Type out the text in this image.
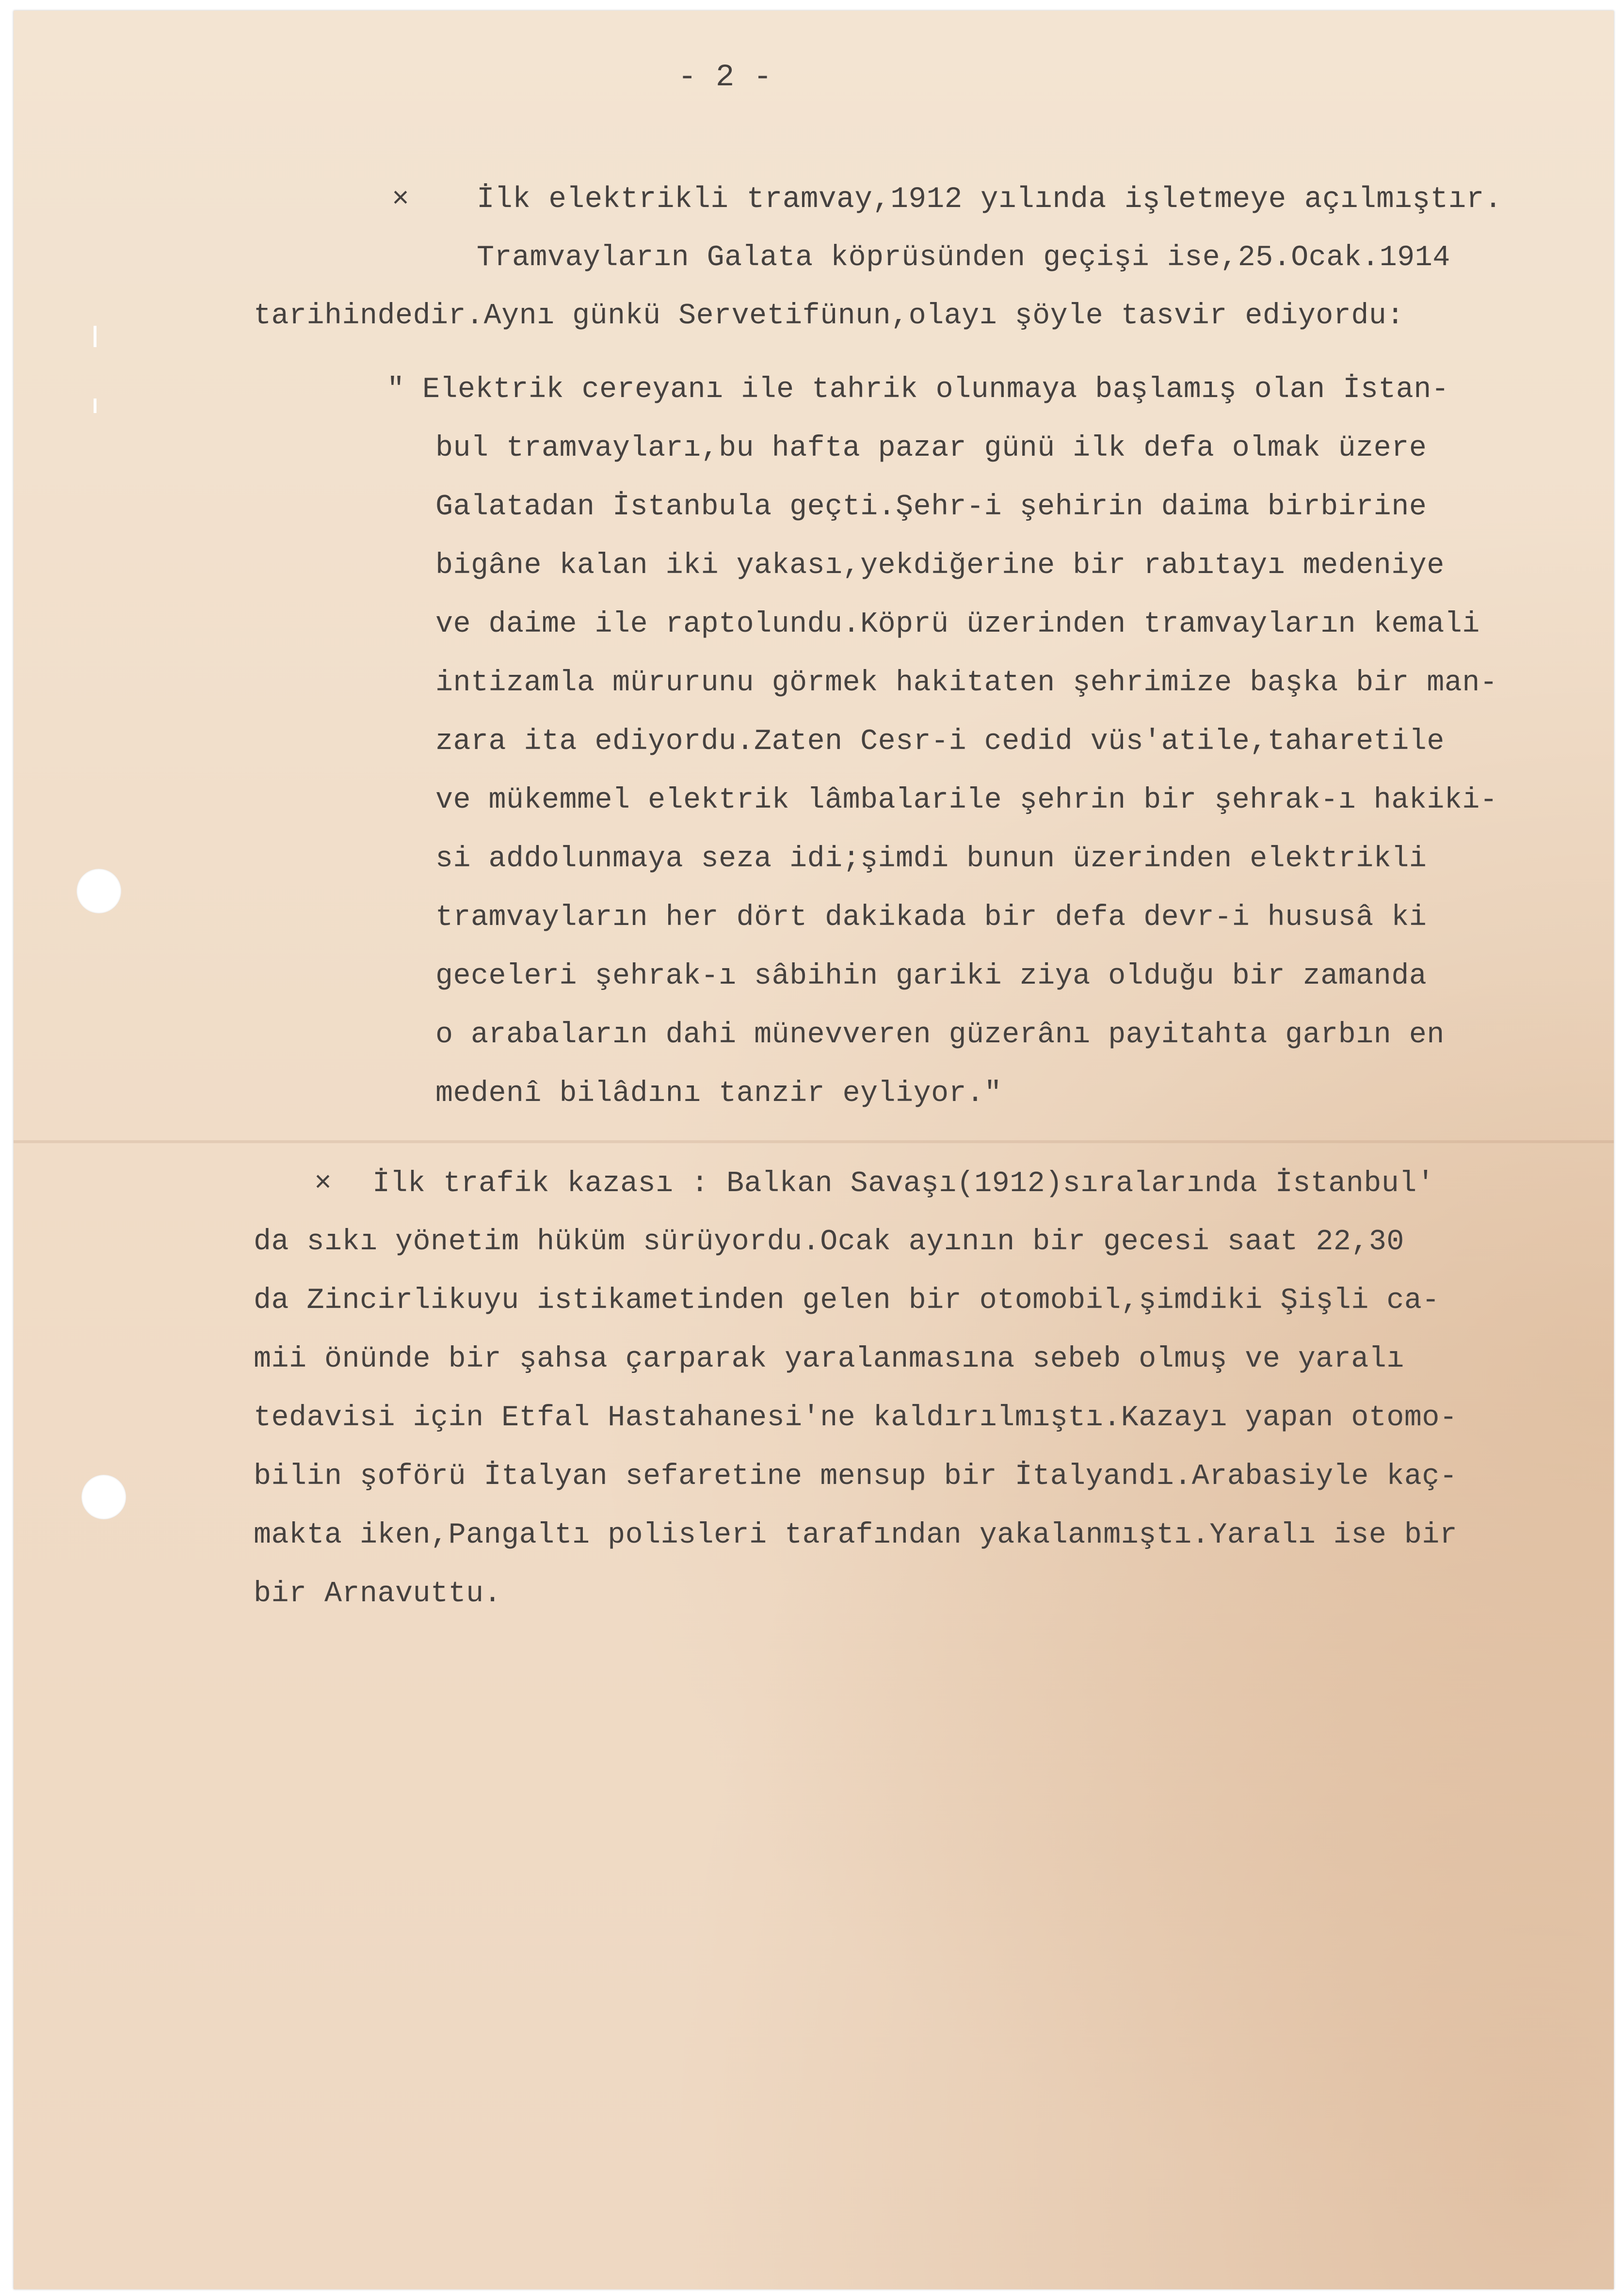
- 2 -
× İlk elektrikli tramvay,1912 yılında işletmeye açılmıştır.
Tramvayların Galata köprüsünden geçişi ise,25.Ocak.1914
tarihindedir.Aynı günkü Servetifünun,olayı şöyle tasvir ediyordu:
" Elektrik cereyanı ile tahrik olunmaya başlamış olan İstan-
bul tramvayları,bu hafta pazar günü ilk defa olmak üzere
Galatadan İstanbula geçti.Şehr-i şehirin daima birbirine
bigâne kalan iki yakası,yekdiğerine bir rabıtayı medeniye
ve daime ile raptolundu.Köprü üzerinden tramvayların kemali
intizamla mürurunu görmek hakitaten şehrimize başka bir man-
zara ita ediyordu.Zaten Cesr-i cedid vüs'atile,taharetile
ve mükemmel elektrik lâmbalarile şehrin bir şehrak-ı hakiki-
si addolunmaya seza idi;şimdi bunun üzerinden elektrikli
tramvayların her dört dakikada bir defa devr-i hususâ ki
geceleri şehrak-ı sâbihin gariki ziya olduğu bir zamanda
o arabaların dahi münevveren güzerânı payitahta garbın en
medenî bilâdını tanzir eyliyor."
× İlk trafik kazası : Balkan Savaşı(1912)sıralarında İstanbul'
da sıkı yönetim hüküm sürüyordu.Ocak ayının bir gecesi saat 22,30
da Zincirlikuyu istikametinden gelen bir otomobil,şimdiki Şişli ca-
mii önünde bir şahsa çarparak yaralanmasına sebeb olmuş ve yaralı
tedavisi için Etfal Hastahanesi'ne kaldırılmıştı.Kazayı yapan otomo-
bilin şoförü İtalyan sefaretine mensup bir İtalyandı.Arabasiyle kaç-
makta iken,Pangaltı polisleri tarafından yakalanmıştı.Yaralı ise bir
bir Arnavuttu.
